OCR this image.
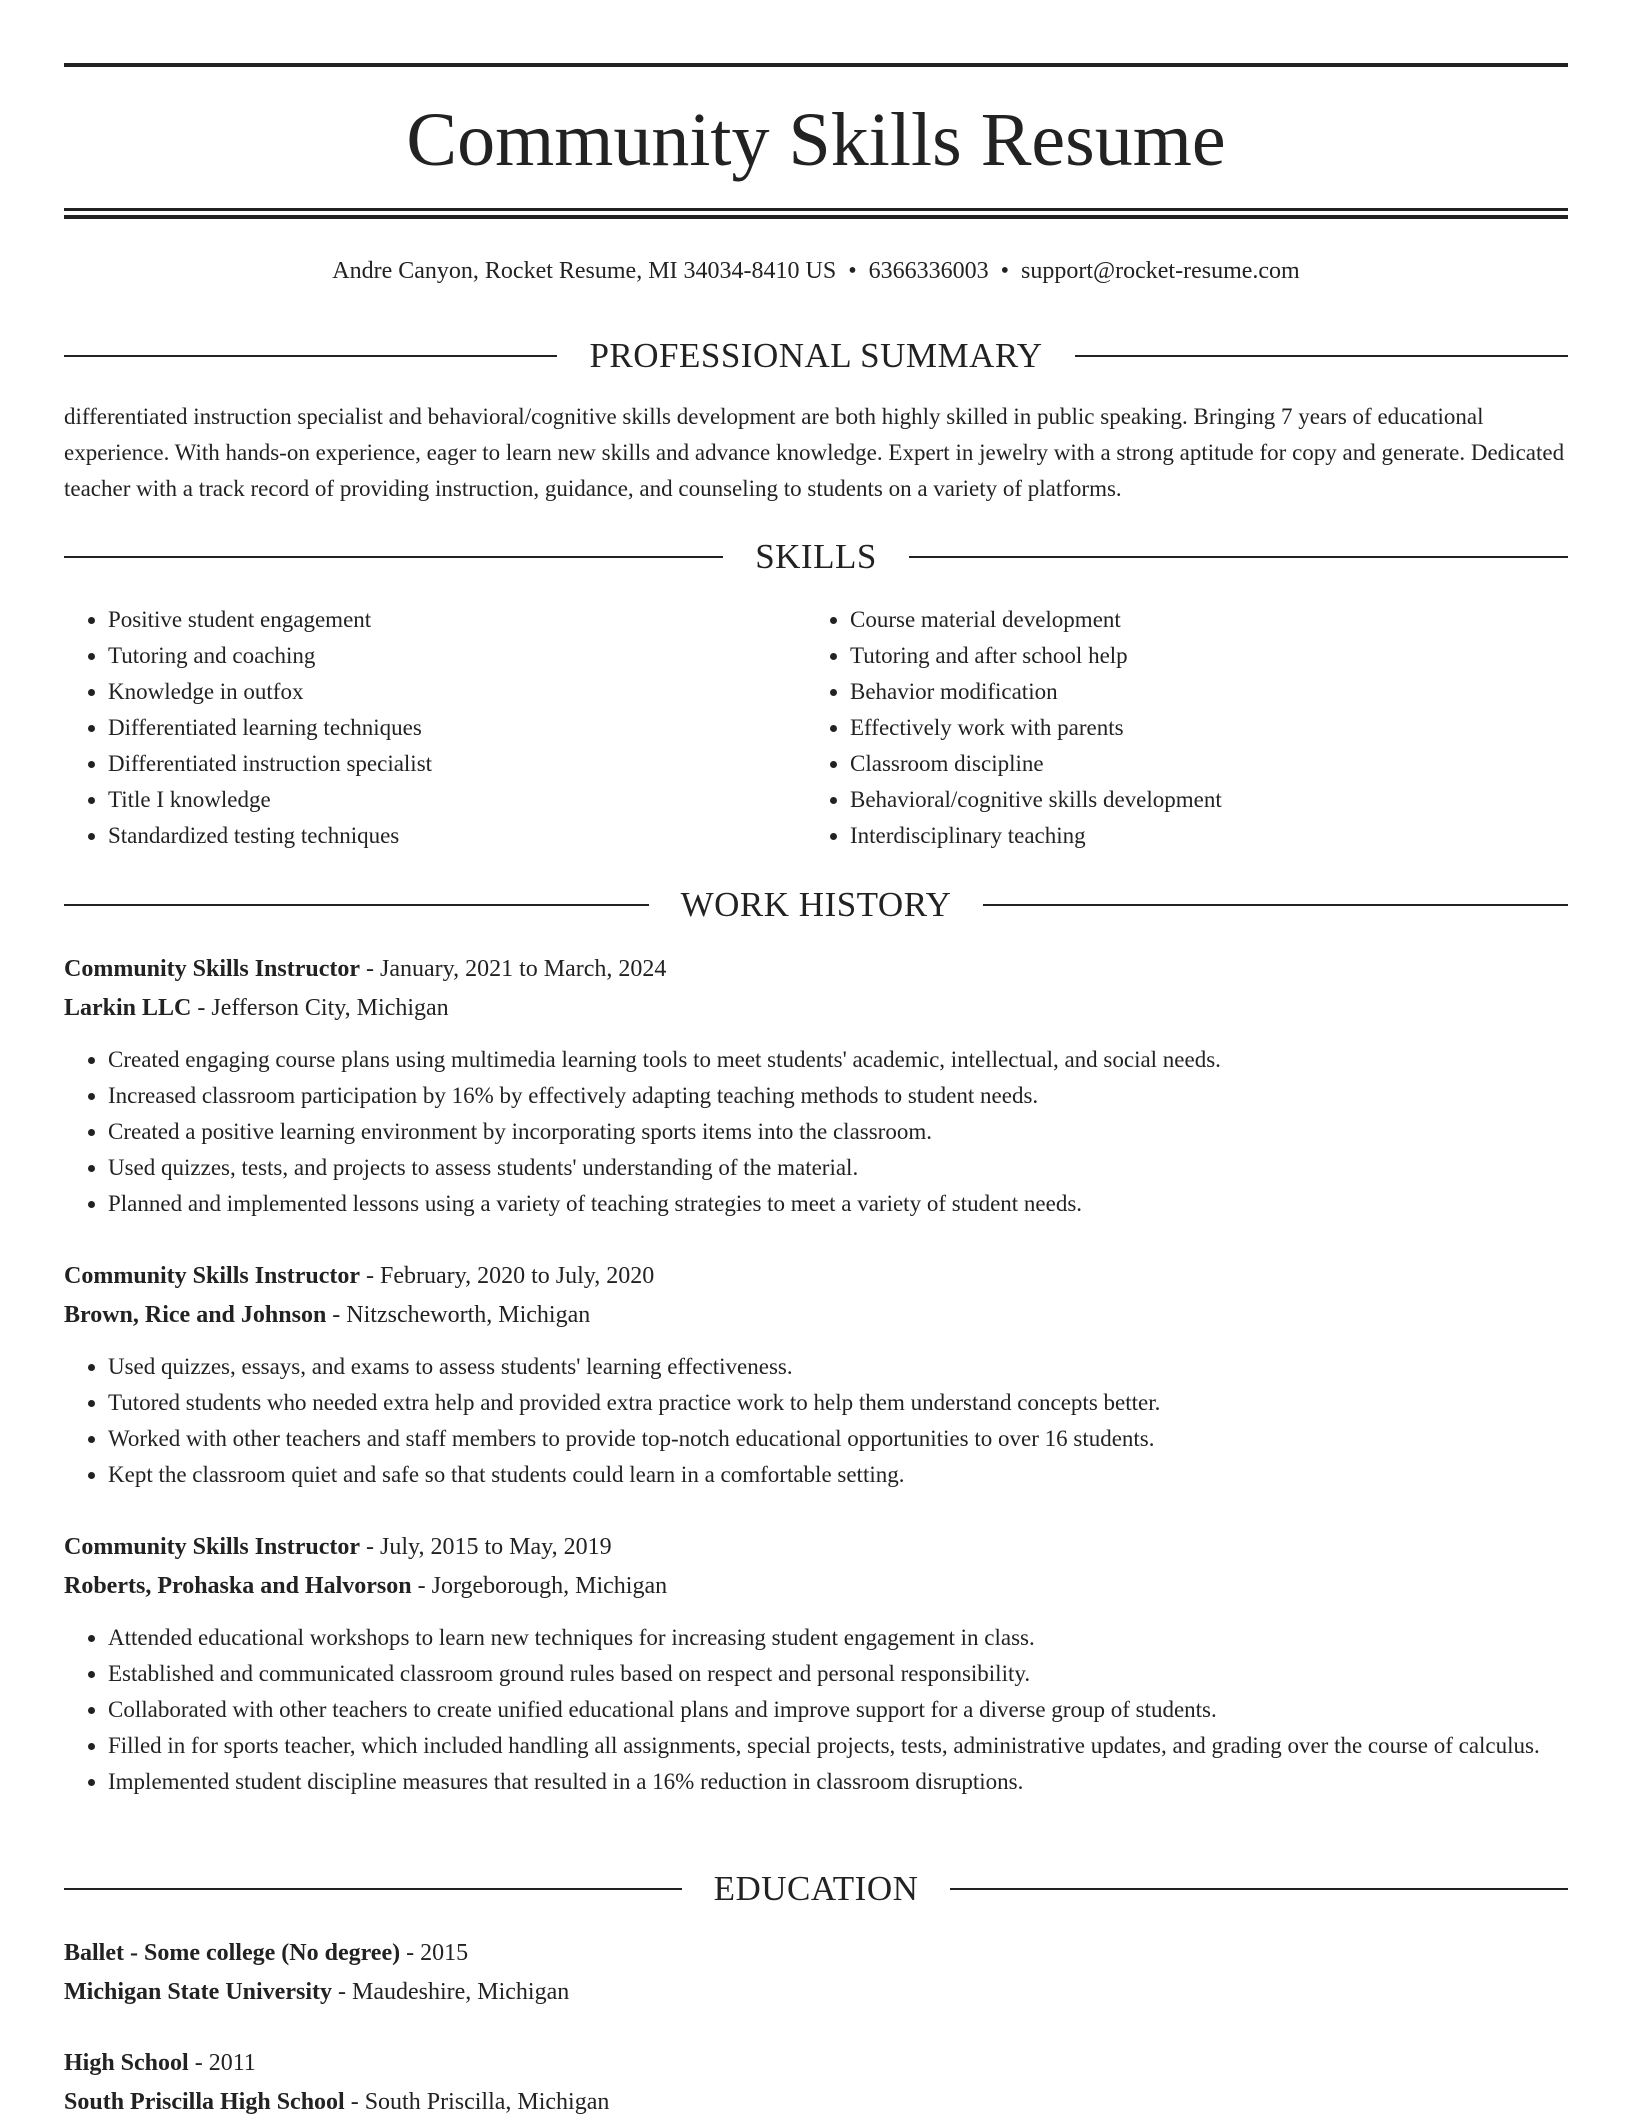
Community Skills Resume
Andre Canyon, Rocket Resume, MI 34034-8410 US • 6366336003 • support@rocket-resume.com
PROFESSIONAL SUMMARY

differentiated instruction specialist and behavioral/cognitive skills development are both highly skilled in public speaking. Bringing 7 years of educational experience. With hands-on experience, eager to learn new skills and advance knowledge. Expert in jewelry with a strong aptitude for copy and generate. Dedicated teacher with a track record of providing instruction, guidance, and counseling to students on a variety of platforms.

SKILLS
• Positive student engagement
• Tutoring and coaching
• Knowledge in outfox
• Differentiated learning techniques
• Differentiated instruction specialist
• Title I knowledge
• Standardized testing techniques
• Course material development
• Tutoring and after school help
• Behavior modification
• Effectively work with parents
• Classroom discipline
• Behavioral/cognitive skills development
• Interdisciplinary teaching
WORK HISTORY
Community Skills Instructor - January, 2021 to March, 2024
Larkin LLC - Jefferson City, Michigan
• Created engaging course plans using multimedia learning tools to meet students' academic, intellectual, and social needs.
• Increased classroom participation by 16% by effectively adapting teaching methods to student needs.
• Created a positive learning environment by incorporating sports items into the classroom.
• Used quizzes, tests, and projects to assess students' understanding of the material.
• Planned and implemented lessons using a variety of teaching strategies to meet a variety of student needs.
Community Skills Instructor - February, 2020 to July, 2020
Brown, Rice and Johnson - Nitzscheworth, Michigan
• Used quizzes, essays, and exams to assess students' learning effectiveness.
• Tutored students who needed extra help and provided extra practice work to help them understand concepts better.
• Worked with other teachers and staff members to provide top-notch educational opportunities to over 16 students.
• Kept the classroom quiet and safe so that students could learn in a comfortable setting.
Community Skills Instructor - July, 2015 to May, 2019
Roberts, Prohaska and Halvorson - Jorgeborough, Michigan
• Attended educational workshops to learn new techniques for increasing student engagement in class.
• Established and communicated classroom ground rules based on respect and personal responsibility.
• Collaborated with other teachers to create unified educational plans and improve support for a diverse group of students.
• Filled in for sports teacher, which included handling all assignments, special projects, tests, administrative updates, and grading over the course of calculus.
• Implemented student discipline measures that resulted in a 16% reduction in classroom disruptions.
EDUCATION
Ballet - Some college (No degree) - 2015
Michigan State University - Maudeshire, Michigan
High School - 2011
South Priscilla High School - South Priscilla, Michigan
